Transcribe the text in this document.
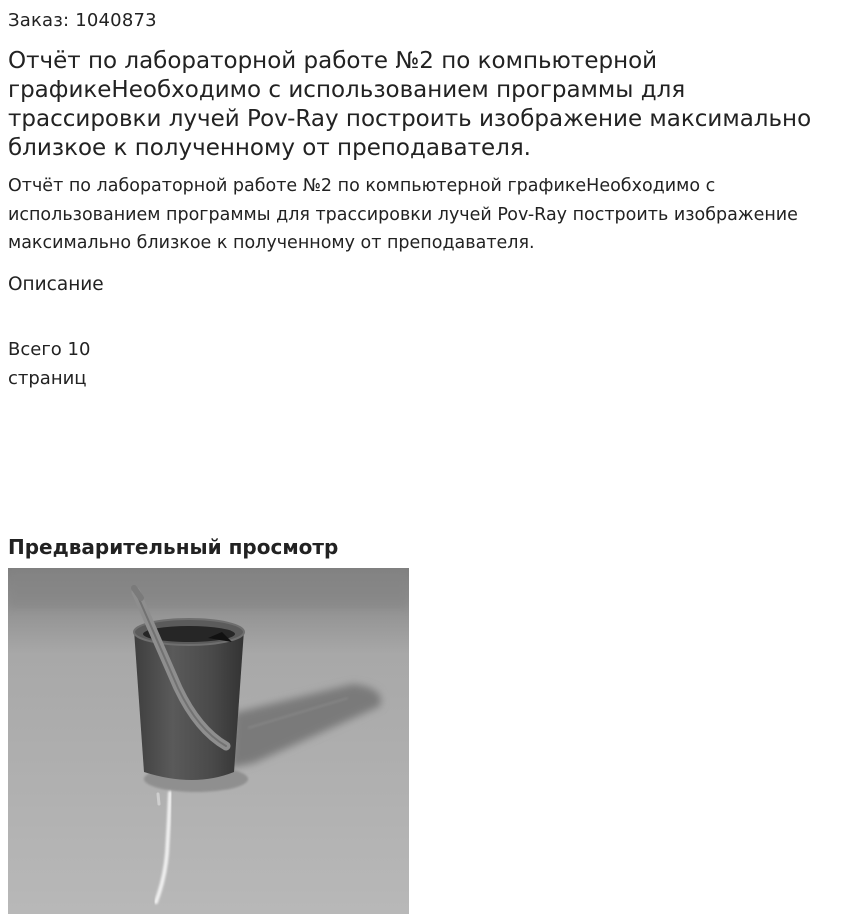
Заказ: 1040873
Отчёт по лабораторной работе №2 по компьютерной графикеНеобходимо с использованием программы для трассировки лучей Pov-Ray построить изображение максимально близкое к полученному от преподавателя.
Отчёт по лабораторной работе №2 по компьютерной графикеНеобходимо с использованием программы для трассировки лучей Pov-Ray построить изображение максимально близкое к полученному от преподавателя.
Описание
Всего 10 страниц
Предварительный просмотр
